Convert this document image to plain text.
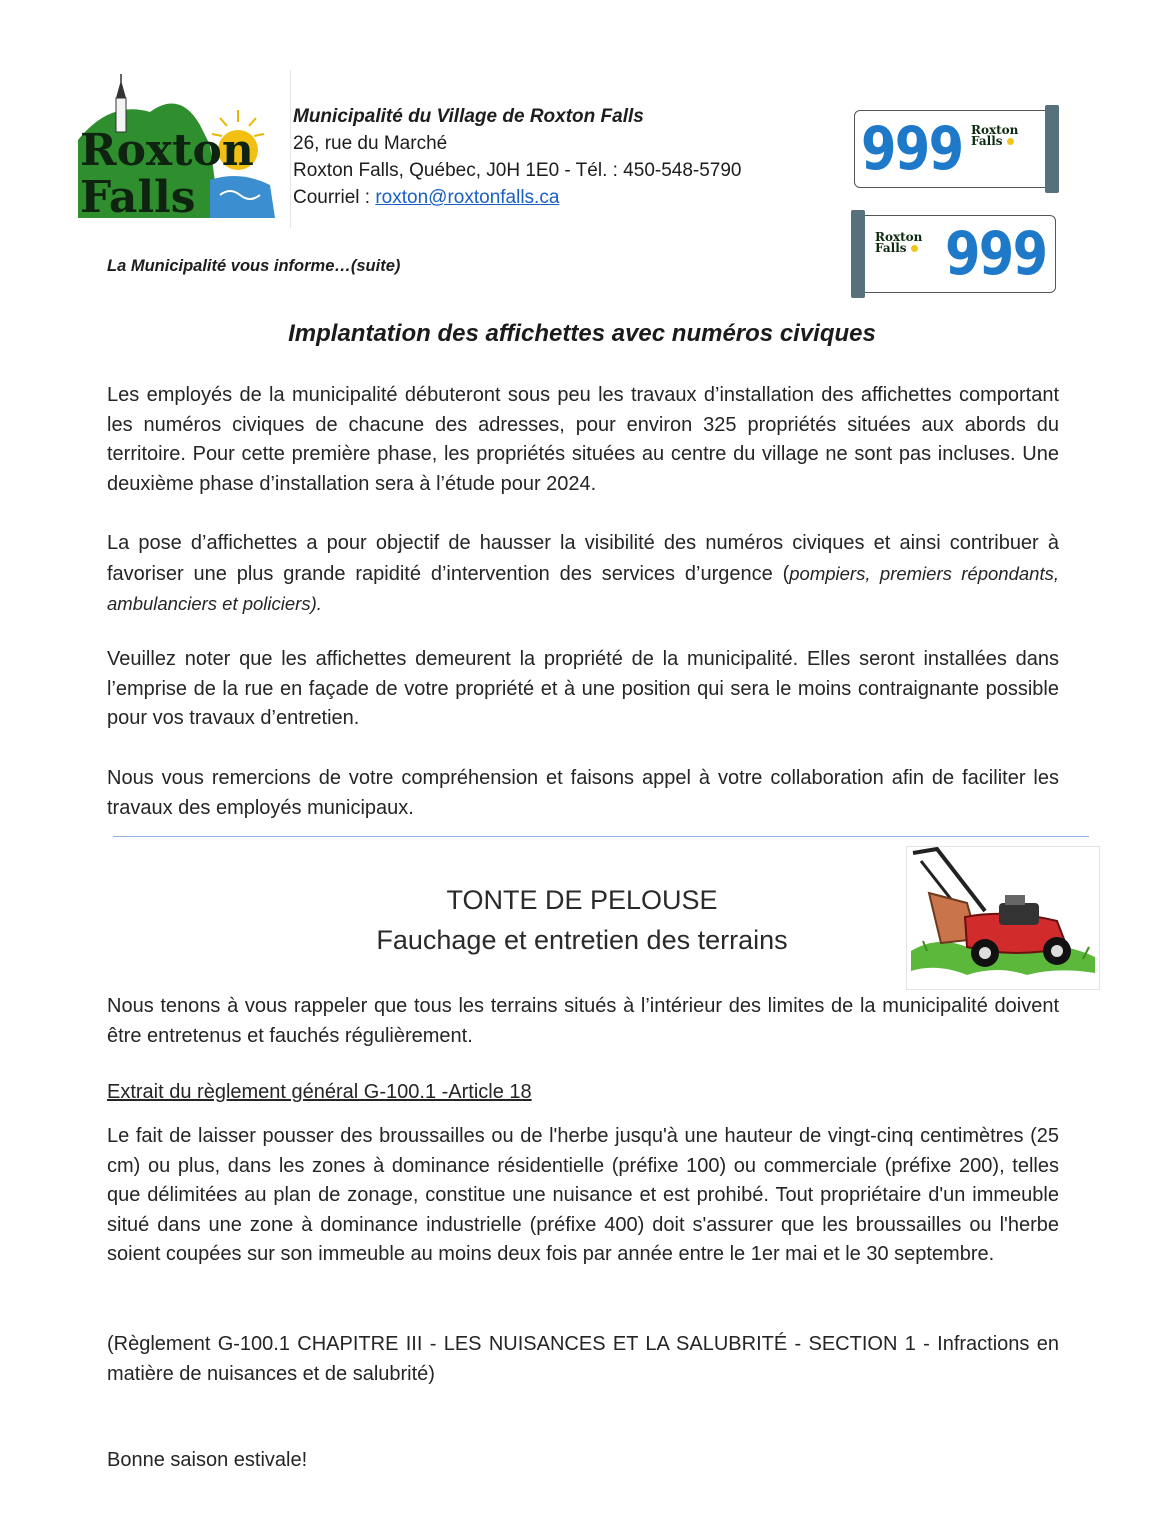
Roxton
Falls
Municipalité du Village de Roxton Falls
26, rue du Marché
Roxton Falls, Québec, J0H 1E0 - Tél. : 450-548-5790
Courriel : roxton@roxtonfalls.ca
La Municipalité vous informe…(suite)
999 Roxton
Falls
Roxton
Falls 999
Implantation des affichettes avec numéros civiques
Les employés de la municipalité débuteront sous peu les travaux d’installation des affichettes comportant les numéros civiques de chacune des adresses, pour environ 325 propriétés situées aux abords du territoire. Pour cette première phase, les propriétés situées au centre du village ne sont pas incluses. Une deuxième phase d’installation sera à l’étude pour 2024.
La pose d’affichettes a pour objectif de hausser la visibilité des numéros civiques et ainsi contribuer à favoriser une plus grande rapidité d’intervention des services d’urgence (pompiers, premiers répondants, ambulanciers et policiers).
Veuillez noter que les affichettes demeurent la propriété de la municipalité. Elles seront installées dans l’emprise de la rue en façade de votre propriété et à une position qui sera le moins contraignante possible pour vos travaux d’entretien.
Nous vous remercions de votre compréhension et faisons appel à votre collaboration afin de faciliter les travaux des employés municipaux.
TONTE DE PELOUSE
Fauchage et entretien des terrains
Nous tenons à vous rappeler que tous les terrains situés à l’intérieur des limites de la municipalité doivent être entretenus et fauchés régulièrement.
Extrait du règlement général G-100.1 -Article 18
Le fait de laisser pousser des broussailles ou de l'herbe jusqu'à une hauteur de vingt-cinq centimètres (25 cm) ou plus, dans les zones à dominance résidentielle (préfixe 100) ou commerciale (préfixe 200), telles que délimitées au plan de zonage, constitue une nuisance et est prohibé. Tout propriétaire d'un immeuble situé dans une zone à dominance industrielle (préfixe 400) doit s'assurer que les broussailles ou l'herbe soient coupées sur son immeuble au moins deux fois par année entre le 1er mai et le 30 septembre.
(Règlement G-100.1 CHAPITRE III - LES NUISANCES ET LA SALUBRITÉ - SECTION 1 - Infractions en matière de nuisances et de salubrité)
Bonne saison estivale!
